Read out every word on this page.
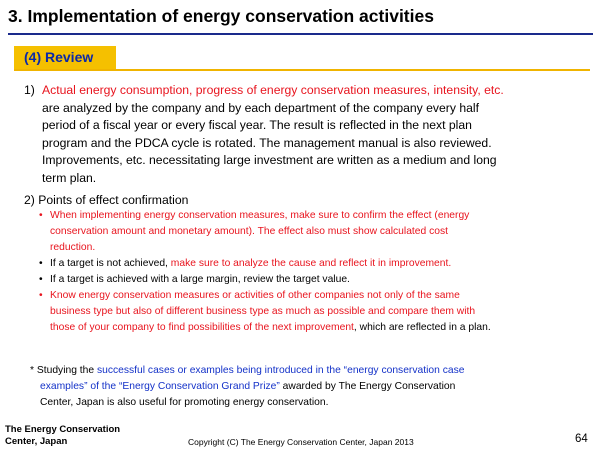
3. Implementation of energy conservation activities
(4) Review
1) Actual energy consumption, progress of energy conservation measures, intensity, etc.
are analyzed by the company and by each department of the company every half
period of a fiscal year or every fiscal year. The result is reflected in the next plan
program and the PDCA cycle is rotated. The management manual is also reviewed.
Improvements, etc. necessitating large investment are written as a medium and long
term plan.
2) Points of effect confirmation
• When implementing energy conservation measures, make sure to confirm the effect (energy
conservation amount and monetary amount). The effect also must show calculated cost
reduction.
• If a target is not achieved, make sure to analyze the cause and reflect it in improvement.
• If a target is achieved with a large margin, review the target value.
• Know energy conservation measures or activities of other companies not only of the same
business type but also of different business type as much as possible and compare them with
those of your company to find possibilities of the next improvement, which are reflected in a plan.
* Studying the successful cases or examples being introduced in the “energy conservation case
examples” of the “Energy Conservation Grand Prize” awarded by The Energy Conservation
Center, Japan is also useful for promoting energy conservation.
The Energy Conservation
Center, Japan	Copyright (C) The Energy Conservation Center, Japan 2013	64
